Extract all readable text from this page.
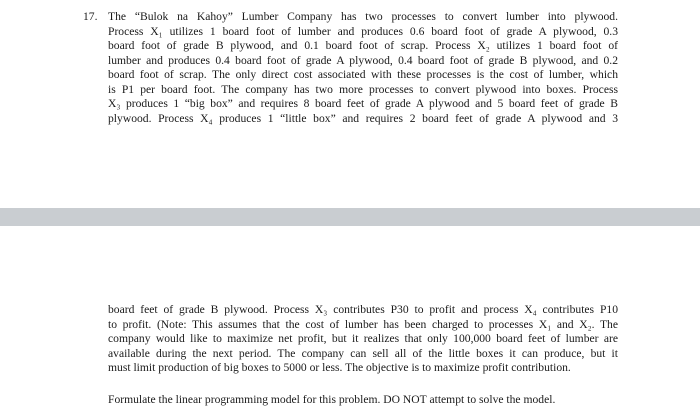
17. The “Bulok na Kahoy” Lumber Company has two processes to convert lumber into plywood.
Process X₁ utilizes 1 board foot of lumber and produces 0.6 board foot of grade A plywood, 0.3
board foot of grade B plywood, and 0.1 board foot of scrap. Process X₂ utilizes 1 board foot of
lumber and produces 0.4 board foot of grade A plywood, 0.4 board foot of grade B plywood, and 0.2
board foot of scrap. The only direct cost associated with these processes is the cost of lumber, which
is P1 per board foot. The company has two more processes to convert plywood into boxes. Process
X₃ produces 1 “big box” and requires 8 board feet of grade A plywood and 5 board feet of grade B
plywood. Process X₄ produces 1 “little box” and requires 2 board feet of grade A plywood and 3

board feet of grade B plywood. Process X₃ contributes P30 to profit and process X₄ contributes P10
to profit. (Note: This assumes that the cost of lumber has been charged to processes X₁ and X₂. The
company would like to maximize net profit, but it realizes that only 100,000 board feet of lumber are
available during the next period. The company can sell all of the little boxes it can produce, but it
must limit production of big boxes to 5000 or less. The objective is to maximize profit contribution.

Formulate the linear programming model for this problem. DO NOT attempt to solve the model.
